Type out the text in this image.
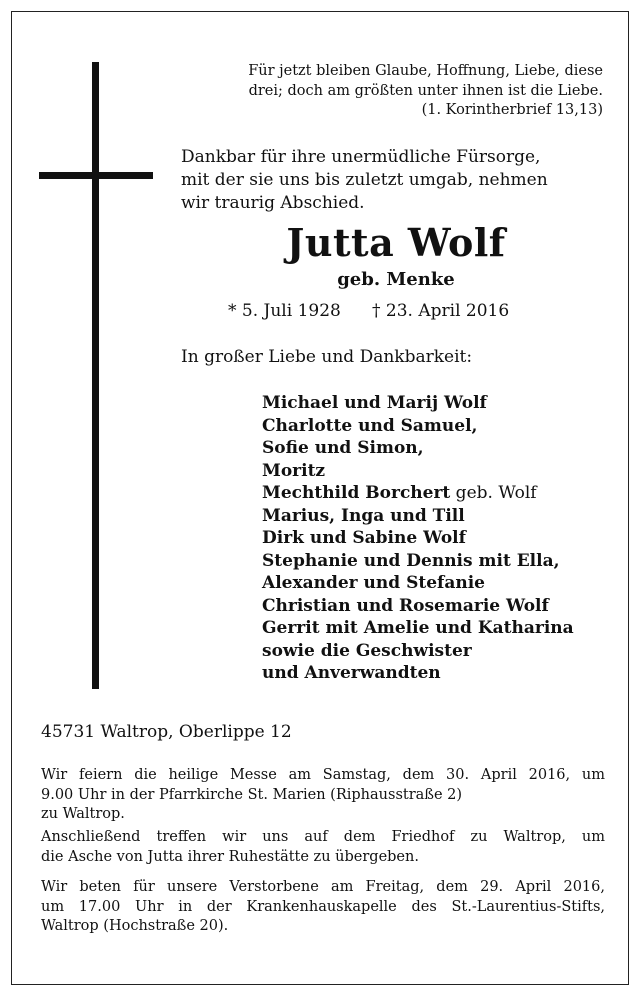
Für jetzt bleiben Glaube, Hoffnung, Liebe, diese
drei; doch am größten unter ihnen ist die Liebe.
(1. Korintherbrief 13,13)
Dankbar für ihre unermüdliche Fürsorge,
mit der sie uns bis zuletzt umgab, nehmen
wir traurig Abschied.
Jutta Wolf
geb. Menke
* 5. Juli 1928 † 23. April 2016
In großer Liebe und Dankbarkeit:
Michael und Marij Wolf
Charlotte und Samuel,
Sofie und Simon,
Moritz
Mechthild Borchert geb. Wolf
Marius, Inga und Till
Dirk und Sabine Wolf
Stephanie und Dennis mit Ella,
Alexander und Stefanie
Christian und Rosemarie Wolf
Gerrit mit Amelie und Katharina
sowie die Geschwister
und Anverwandten
45731 Waltrop, Oberlippe 12
Wir feiern die heilige Messe am Samstag, dem 30. April 2016, um
9.00 Uhr in der Pfarrkirche St. Marien (Riphausstraße 2)
zu Waltrop.
Anschließend treffen wir uns auf dem Friedhof zu Waltrop, um
die Asche von Jutta ihrer Ruhestätte zu übergeben.
Wir beten für unsere Verstorbene am Freitag, dem 29. April 2016,
um 17.00 Uhr in der Krankenhauskapelle des St.-Laurentius-Stifts,
Waltrop (Hochstraße 20).
